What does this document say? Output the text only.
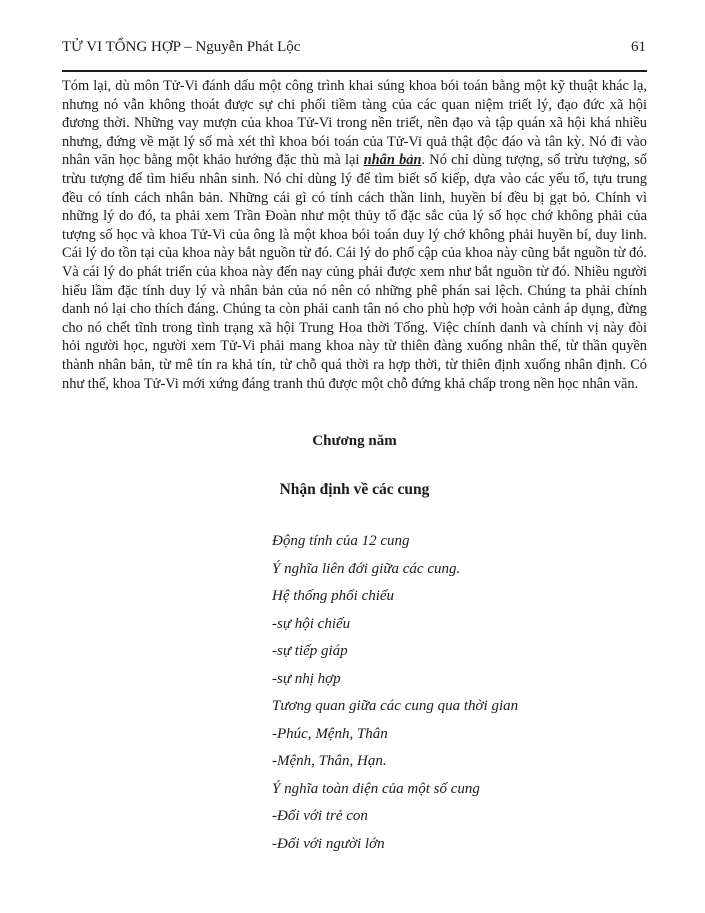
TỬ VI TỔNG HỢP – Nguyễn Phát Lộc	61
Tóm lại, dù môn Tử-Vi đánh dấu một công trình khai súng khoa bói toán bằng một kỹ thuật khác lạ, nhưng nó vẫn không thoát được sự chi phối tiềm tàng của các quan niệm triết lý, đạo đức xã hội đương thời. Những vay mượn của khoa Tử-Vi trong nền triết, nền đạo và tập quán xã hội khá nhiều nhưng, đứng về mặt lý số mà xét thì khoa bói toán của Tử-Vi quả thật độc đáo và tân kỳ. Nó đi vào nhân văn học bằng một khảo hướng đặc thù mà lại nhân bản. Nó chỉ dùng tượng, số trừu tượng, số trừu tượng để tìm hiểu nhân sinh. Nó chỉ dùng lý để tìm biết số kiếp, dựa vào các yếu tố, tựu trung đều có tính cách nhân bản. Những cái gì có tính cách thần linh, huyền bí đều bị gạt bỏ. Chính vì những lý do đó, ta phải xem Trần Đoàn như một thủy tổ đặc sắc của lý số học chớ không phải của tượng số học và khoa Tử-Vi của ông là một khoa bói toán duy lý chớ không phải huyền bí, duy linh. Cái lý do tồn tại của khoa này bắt nguồn từ đó. Cái lý do phổ cập của khoa này cũng bắt nguồn từ đó. Và cái lý do phát triển của khoa này đến nay củng phải được xem như bắt nguồn từ đó. Nhiều người hiểu lầm đặc tính duy lý và nhân bản của nó nên có những phê phán sai lệch. Chúng ta phải chính danh nó lại cho thích đáng. Chúng ta còn phải canh tân nó cho phù hợp với hoàn cảnh áp dụng, đừng cho nó chết tĩnh trong tình trạng xã hội Trung Hoa thời Tống. Việc chính danh và chính vị này đòi hỏi người học, người xem Tử-Vi phải mang khoa này từ thiên đàng xuống nhân thế, từ thần quyền thành nhân bản, từ mê tín ra khả tín, từ chỗ quá thời ra hợp thời, từ thiên định xuống nhân định. Có như thế, khoa Tử-Vi mới xứng đáng tranh thủ được một chỗ đứng khả chấp trong nền học nhân văn.
Chương năm
Nhận định về các cung
Động tính của 12 cung
Ý nghĩa liên đới giữa các cung.
Hệ thống phối chiếu
-sự hội chiếu
-sự tiếp giáp
-sự nhị hợp
Tương quan giữa các cung qua thời gian
-Phúc, Mệnh, Thân
-Mệnh, Thân, Hạn.
Ý nghĩa toàn diện của một số cung
-Đối với trẻ con
-Đối với người lớn
